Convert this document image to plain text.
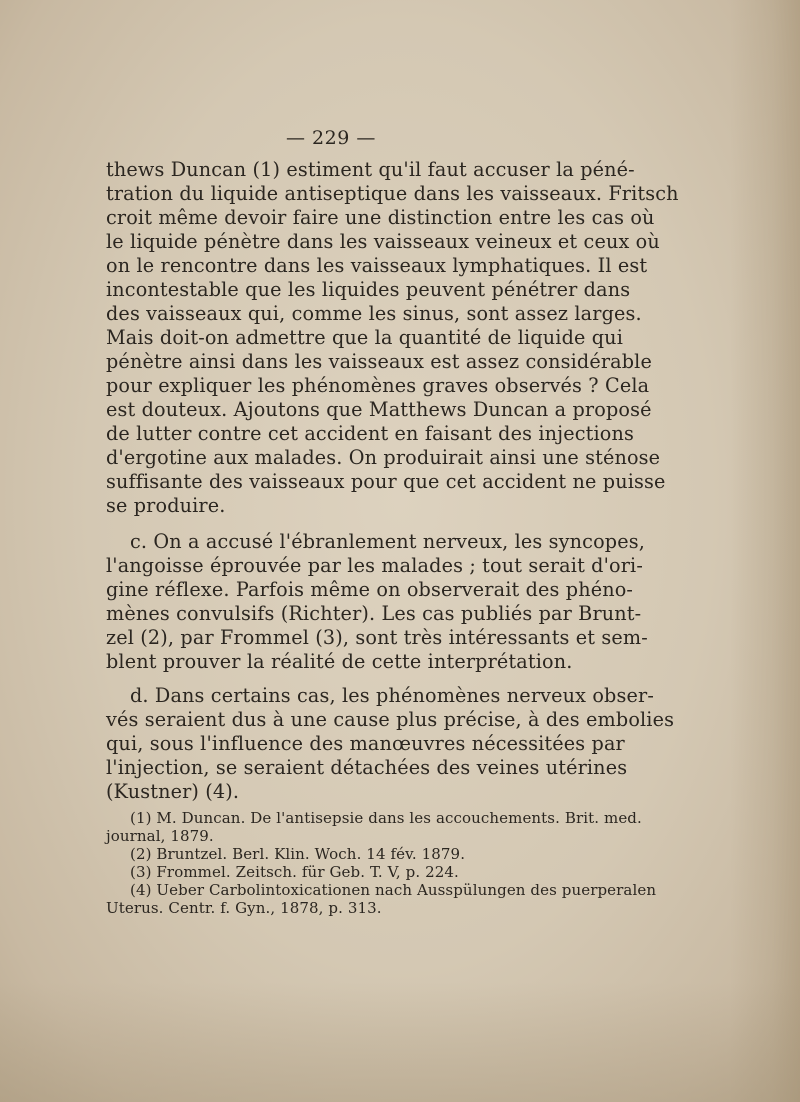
— 229 —
thews Duncan (1) estiment qu'il faut accuser la péné-
tration du liquide antiseptique dans les vaisseaux. Fritsch
croit même devoir faire une distinction entre les cas où
le liquide pénètre dans les vaisseaux veineux et ceux où
on le rencontre dans les vaisseaux lymphatiques. Il est
incontestable que les liquides peuvent pénétrer dans
des vaisseaux qui, comme les sinus, sont assez larges.
Mais doit-on admettre que la quantité de liquide qui
pénètre ainsi dans les vaisseaux est assez considérable
pour expliquer les phénomènes graves observés ? Cela
est douteux. Ajoutons que Matthews Duncan a proposé
de lutter contre cet accident en faisant des injections
d'ergotine aux malades. On produirait ainsi une sténose
suffisante des vaisseaux pour que cet accident ne puisse
se produire.
c. On a accusé l'ébranlement nerveux, les syncopes,
l'angoisse éprouvée par les malades ; tout serait d'ori-
gine réflexe. Parfois même on observerait des phéno-
mènes convulsifs (Richter). Les cas publiés par Brunt-
zel (2), par Frommel (3), sont très intéressants et sem-
blent prouver la réalité de cette interprétation.
d. Dans certains cas, les phénomènes nerveux obser-
vés seraient dus à une cause plus précise, à des embolies
qui, sous l'influence des manœuvres nécessitées par
l'injection, se seraient détachées des veines utérines
(Kustner) (4).
(1) M. Duncan. De l'antisepsie dans les accouchements. Brit. med.
journal, 1879.
(2) Bruntzel. Berl. Klin. Woch. 14 fév. 1879.
(3) Frommel. Zeitsch. für Geb. T. V, p. 224.
(4) Ueber Carbolintoxicationen nach Ausspülungen des puerperalen
Uterus. Centr. f. Gyn., 1878, p. 313.
